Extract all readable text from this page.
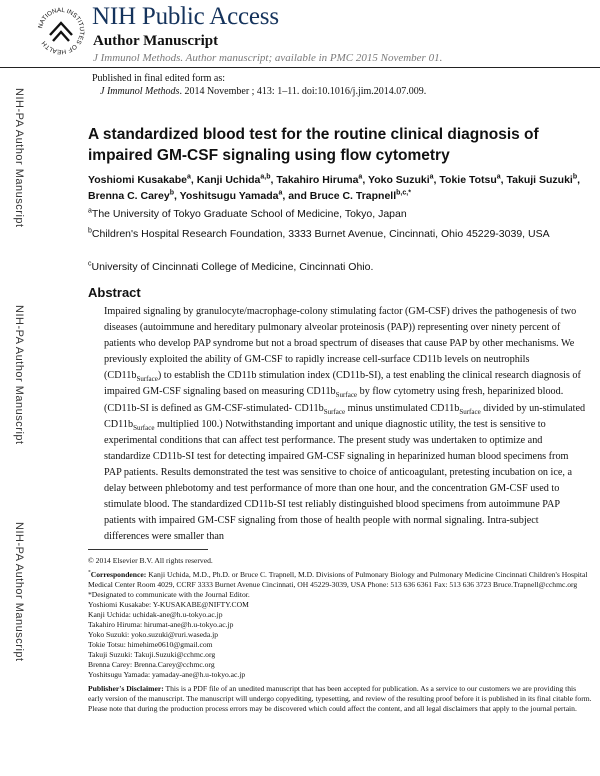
NATIONAL INSTITUTES OF HEALTH
NIH Public Access
Author Manuscript
J Immunol Methods. Author manuscript; available in PMC 2015 November 01.
Published in final edited form as:
J Immunol Methods. 2014 November ; 413: 1–11. doi:10.1016/j.jim.2014.07.009.
NIH-PA Author Manuscript
NIH-PA Author Manuscript
NIH-PA Author Manuscript
A standardized blood test for the routine clinical diagnosis of impaired GM-CSF signaling using flow cytometry
Yoshiomi Kusakabe$^a$, Kanji Uchida$^{a,b}$, Takahiro Hiruma$^a$, Yoko Suzuki$^a$, Tokie Totsu$^a$, Takuji Suzuki$^b$, Brenna C. Carey$^b$, Yoshitsugu Yamada$^a$, and Bruce C. Trapnell$^{b,c,*}$
$^a$The University of Tokyo Graduate School of Medicine, Tokyo, Japan
$^b$Children's Hospital Research Foundation, 3333 Burnet Avenue, Cincinnati, Ohio 45229-3039, USA
$^c$University of Cincinnati College of Medicine, Cincinnati Ohio.
Abstract
Impaired signaling by granulocyte/macrophage-colony stimulating factor (GM-CSF) drives the pathogenesis of two diseases (autoimmune and hereditary pulmonary alveolar proteinosis (PAP)) representing over ninety percent of patients who develop PAP syndrome but not a broad spectrum of diseases that cause PAP by other mechanisms. We previously exploited the ability of GM-CSF to rapidly increase cell-surface CD11b levels on neutrophils $(CD11b_{Surface})$ to establish the CD11b stimulation index (CD11b-SI), a test enabling the clinical research diagnosis of impaired GM-CSF signaling based on measuring $CD11b_{Surface}$ by flow cytometry using fresh, heparinized blood. (CD11b-SI is defined as GM-CSF-stimulated- $CD11b_{Surface}$ minus unstimulated $CD11b_{Surface}$ divided by un-stimulated $CD11b_{Surface}$ multiplied 100.) Notwithstanding important and unique diagnostic utility, the test is sensitive to experimental conditions that can affect test performance. The present study was undertaken to optimize and standardize CD11b-SI test for detecting impaired GM-CSF signaling in heparinized human blood specimens from PAP patients. Results demonstrated the test was sensitive to choice of anticoagulant, pretesting incubation on ice, a delay between phlebotomy and test performance of more than one hour, and the concentration GM-CSF used to stimulate blood. The standardized CD11b-SI test reliably distinguished blood specimens from autoimmune PAP patients with impaired GM-CSF signaling from those of health people with normal signaling. Intra-subject differences were smaller than

© 2014 Elsevier B.V. All rights reserved.

*Correspondence: Kanji Uchida, M.D., Ph.D. or Bruce C. Trapnell, M.D. Divisions of Pulmonary Biology and Pulmonary Medicine Cincinnati Children's Hospital Medical Center Room 4029, CCRF 3333 Burnet Avenue Cincinnati, OH 45229-3039, USA Phone: 513 636 6361 Fax: 513 636 3723 Bruce.Trapnell@cchmc.org *Designated to communicate with the Journal Editor.

Yoshiomi Kusakabe: Y-KUSAKABE@NIFTY.COM

Kanji Uchida: uchidak-ane@h.u-tokyo.ac.jp

Takahiro Hiruma: hirumat-ane@h.u-tokyo.ac.jp

Yoko Suzuki: yoko.suzuki@ruri.waseda.jp

Tokie Totsu: himehime0610@gmail.com

Takuji Suzuki: Takuji.Suzuki@cchmc.org

Brenna Carey: Brenna.Carey@cchmc.org

Yoshitsugu Yamada: yamaday-ane@h.u-tokyo.ac.jp

Publisher's Disclaimer: This is a PDF file of an unedited manuscript that has been accepted for publication. As a service to our customers we are providing this early version of the manuscript. The manuscript will undergo copyediting, typesetting, and review of the resulting proof before it is published in its final citable form. Please note that during the production process errors may be discovered which could affect the content, and all legal disclaimers that apply to the journal pertain.
